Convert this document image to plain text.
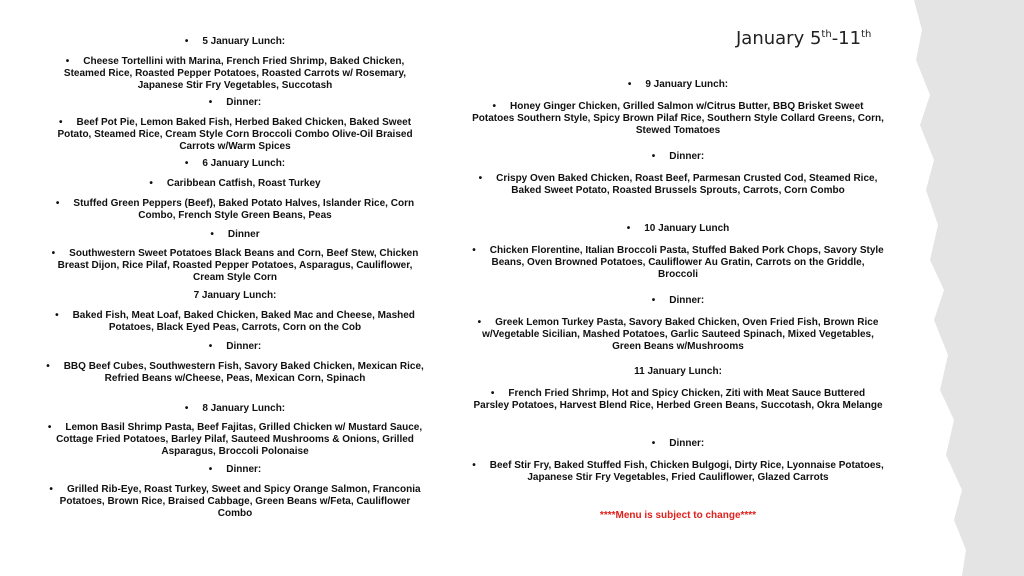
January 5th-11th

• 5 January Lunch:

• Cheese Tortellini with Marina, French Fried Shrimp, Baked Chicken, Steamed Rice, Roasted Pepper Potatoes, Roasted Carrots w/ Rosemary, Japanese Stir Fry Vegetables, Succotash

• Dinner:

• Beef Pot Pie, Lemon Baked Fish, Herbed Baked Chicken, Baked Sweet Potato, Steamed Rice, Cream Style Corn Broccoli Combo Olive-Oil Braised Carrots w/Warm Spices

• 6 January Lunch:

• Caribbean Catfish, Roast Turkey

• Stuffed Green Peppers (Beef), Baked Potato Halves, Islander Rice, Corn Combo, French Style Green Beans, Peas

• Dinner

• Southwestern Sweet Potatoes Black Beans and Corn, Beef Stew, Chicken Breast Dijon, Rice Pilaf, Roasted Pepper Potatoes, Asparagus, Cauliflower, Cream Style Corn

7 January Lunch:

• Baked Fish, Meat Loaf, Baked Chicken, Baked Mac and Cheese, Mashed Potatoes, Black Eyed Peas, Carrots, Corn on the Cob

• Dinner:

• BBQ Beef Cubes, Southwestern Fish, Savory Baked Chicken, Mexican Rice, Refried Beans w/Cheese, Peas, Mexican Corn, Spinach

• 8 January Lunch:

• Lemon Basil Shrimp Pasta, Beef Fajitas, Grilled Chicken w/ Mustard Sauce, Cottage Fried Potatoes, Barley Pilaf, Sauteed Mushrooms & Onions, Grilled Asparagus, Broccoli Polonaise

• Dinner:

• Grilled Rib-Eye, Roast Turkey, Sweet and Spicy Orange Salmon, Franconia Potatoes, Brown Rice, Braised Cabbage, Green Beans w/Feta, Cauliflower Combo

• 9 January Lunch:

• Honey Ginger Chicken, Grilled Salmon w/Citrus Butter, BBQ Brisket Sweet Potatoes Southern Style, Spicy Brown Pilaf Rice, Southern Style Collard Greens, Corn, Stewed Tomatoes

• Dinner:

• Crispy Oven Baked Chicken, Roast Beef, Parmesan Crusted Cod, Steamed Rice, Baked Sweet Potato, Roasted Brussels Sprouts, Carrots, Corn Combo

• 10 January Lunch

• Chicken Florentine, Italian Broccoli Pasta, Stuffed Baked Pork Chops, Savory Style Beans, Oven Browned Potatoes, Cauliflower Au Gratin, Carrots on the Griddle, Broccoli

• Dinner:

• Greek Lemon Turkey Pasta, Savory Baked Chicken, Oven Fried Fish, Brown Rice w/Vegetable Sicilian, Mashed Potatoes, Garlic Sauteed Spinach, Mixed Vegetables, Green Beans w/Mushrooms

11 January Lunch:

• French Fried Shrimp, Hot and Spicy Chicken, Ziti with Meat Sauce Buttered Parsley Potatoes, Harvest Blend Rice, Herbed Green Beans, Succotash, Okra Melange

• Dinner:

• Beef Stir Fry, Baked Stuffed Fish, Chicken Bulgogi, Dirty Rice, Lyonnaise Potatoes, Japanese Stir Fry Vegetables, Fried Cauliflower, Glazed Carrots

****Menu is subject to change****
